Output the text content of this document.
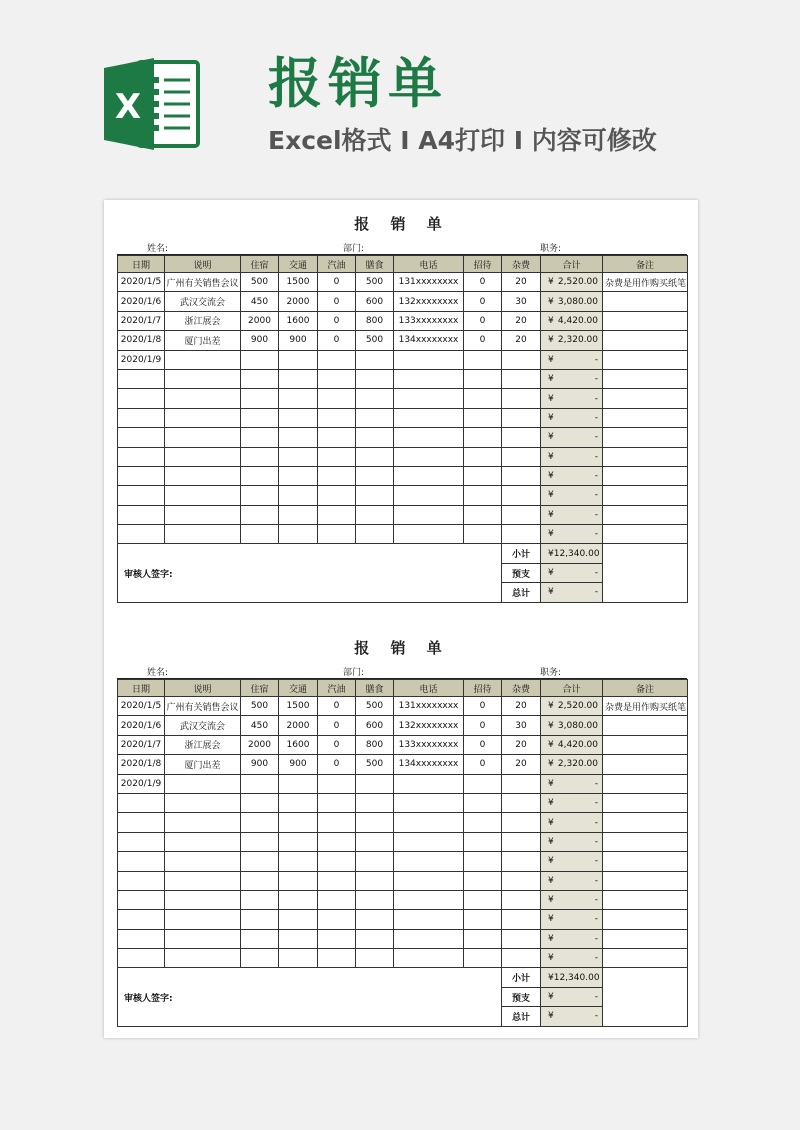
X 报销单
Excel格式 I A4打印 I 内容可修改
报 销 单
姓名:	部门:	职务:
日期	说明	住宿	交通	汽油	膳食	电话	招待	杂费	合计	备注
2020/1/5	广州有关销售会议	500	1500	0	500	131xxxxxxxx	0	20	¥ 2,520.00	杂费是用作购买纸笔
2020/1/6	武汉交流会	450	2000	0	600	132xxxxxxxx	0	30	¥ 3,080.00	

2020/1/7	浙江展会	2000	1600	0	800	133xxxxxxxx	0	20	¥ 4,420.00	

2020/1/8	厦门出差	900	900	0	500	134xxxxxxxx	0	20	¥ 2,320.00	

2020/1/9									¥ -	

									¥ -	

									¥ -	

									¥ -	

									¥ -	

									¥ -	

									¥ -	

									¥ -	

									¥ -	

									¥ -	

审核人签字:								小计	¥ 12,340.00	

								预支	¥ -	

								总计	¥ -	
报 销 单
姓名:	部门:	职务:
日期	说明	住宿	交通	汽油	膳食	电话	招待	杂费	合计	备注
2020/1/5	广州有关销售会议	500	1500	0	500	131xxxxxxxx	0	20	¥ 2,520.00	杂费是用作购买纸笔
2020/1/6	武汉交流会	450	2000	0	600	132xxxxxxxx	0	30	¥ 3,080.00	

2020/1/7	浙江展会	2000	1600	0	800	133xxxxxxxx	0	20	¥ 4,420.00	

2020/1/8	厦门出差	900	900	0	500	134xxxxxxxx	0	20	¥ 2,320.00	

2020/1/9									¥ -	

									¥ -	

									¥ -	

									¥ -	

									¥ -	

									¥ -	

									¥ -	

									¥ -	

									¥ -	

									¥ -	

审核人签字:								小计	¥ 12,340.00	

								预支	¥ -	

								总计	¥ -	
